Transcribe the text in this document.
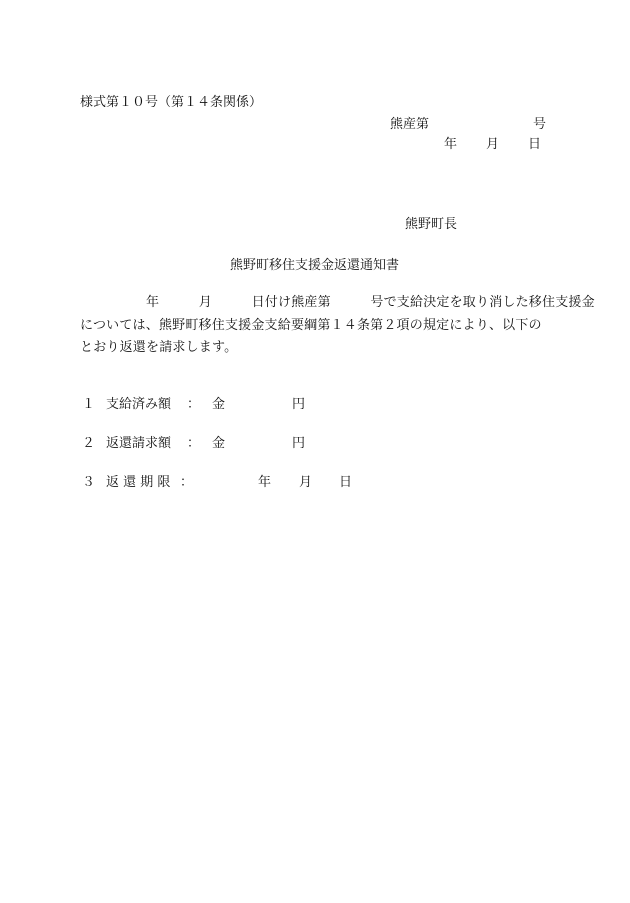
様式第１０号（第１４条関係）
熊産第　　　　　　　　号
年　　月　　日
熊野町長
熊野町移住支援金返還通知書
　　　　　年　　　月　　　日付け熊産第　　　号で支給決定を取り消した移住支援金
については、熊野町移住支援金支給要綱第１４条第２項の規定により、以下の
とおり返還を請求します。
１ 支給済み額 ： 金	円
２ 返還請求額 ： 金	円
３ 返 還 期 限 ：	年 月 日
